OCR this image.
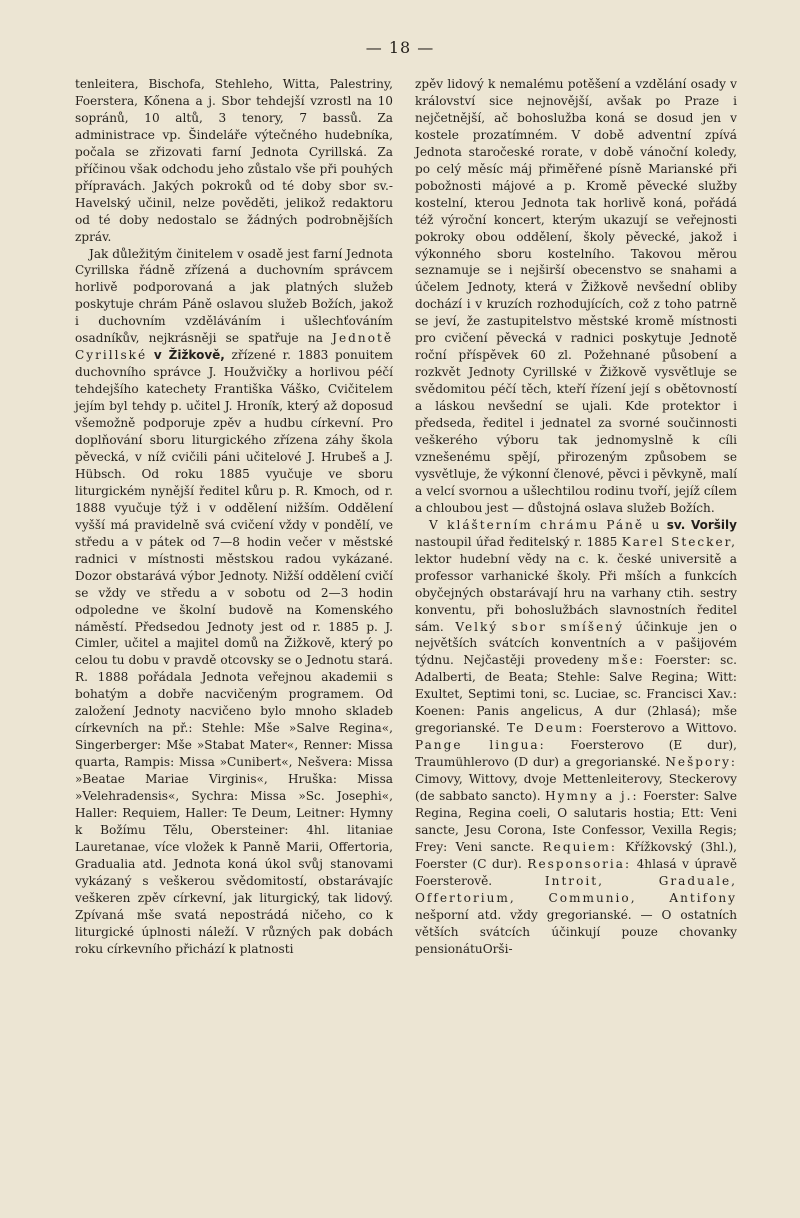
— 18 —

tenleitera, Bischofa, Stehleho, Witta, Palestriny, Foerstera, Kőnena a j. Sbor tehdejší vzrostl na 10 sopránů, 10 altů, 3 tenory, 7 bassů. Za administrace vp. Šindeláře výtečného hudebníka, počala se zřizovati farní Jednota Cyrillská. Za příčinou však odchodu jeho zůstalo vše při pouhých přípravách. Jakých pokroků od té doby sbor sv.-Havelský učinil, nelze pověděti, jelikož redaktoru od té doby nedostalo se žádných podrobnějších zpráv.

Jak důležitým činitelem v osadě jest farní Jednota Cyrillska řádně zřízená a duchovním správcem horlivě podporovaná a jak platných služeb poskytuje chrám Páně oslavou služeb Božích, jakož i duchovním vzděláváním i ušlechťováním osadníkův, nejkrásněji se spatřuje na Jednotě Cyrillské v Žižkově, zřízené r. 1883 ponuitem duchovního správce J. Houžvičky a horlivou péčí tehdejšího katechety Františka Váško, Cvičitelem jejím byl tehdy p. učitel J. Hroník, který až doposud všemožně podporuje zpěv a hudbu církevní. Pro doplňování sboru liturgického zřízena záhy škola pěvecká, v níž cvičili páni učitelové J. Hrubeš a J. Hübsch. Od roku 1885 vyučuje ve sboru liturgickém nynější ředitel kůru p. R. Kmoch, od r. 1888 vyučuje týž i v oddělení nižším. Oddělení vyšší má pravidelně svá cvičení vždy v pondělí, ve středu a v pátek od 7—8 hodin večer v městské radnici v místnosti městskou radou vykázané. Dozor obstarává výbor Jednoty. Nižší oddělení cvičí se vždy ve středu a v sobotu od 2—3 hodin odpoledne ve školní budově na Komenského náměstí. Předsedou Jednoty jest od r. 1885 p. J. Cimler, učitel a majitel domů na Žižkově, který po celou tu dobu v pravdě otcovsky se o Jednotu stará. R. 1888 pořádala Jednota veřejnou akademii s bohatým a dobře nacvičeným programem. Od založení Jednoty nacvičeno bylo mnoho skladeb církevních na př.: Stehle: Mše »Salve Regina«, Singerberger: Mše »Stabat Mater«, Renner: Missa quarta, Rampis: Missa »Cunibert«, Nešvera: Missa »Beatae Mariae Virginis«, Hruška: Missa »Velehradensis«, Sychra: Missa »Sc. Josephi«, Haller: Requiem, Haller: Te Deum, Leitner: Hymny k Božímu Tělu, Obersteiner: 4hl. litaniae Lauretanae, více vložek k Panně Marii, Offertoria, Gradualia atd. Jednota koná úkol svůj stanovami vykázaný s veškerou svědomitostí, obstarávajíc veškeren zpěv církevní, jak liturgický, tak lidový. Zpívaná mše svatá nepostrádá ničeho, co k liturgické úplnosti náleží. V různých pak dobách roku církevního přichází k platnosti

zpěv lidový k nemalému potěšení a vzdělání osady v království sice nejnovější, avšak po Praze i nejčetnější, ač bohoslužba koná se dosud jen v kostele prozatímném. V době adventní zpívá Jednota staročeské rorate, v době vánoční koledy, po celý měsíc máj přiměřené písně Marianské při pobožnosti májové a p. Kromě pěvecké služby kostelní, kterou Jednota tak horlivě koná, pořádá též výroční koncert, kterým ukazují se veřejnosti pokroky obou oddělení, školy pěvecké, jakož i výkonného sboru kostelního. Takovou měrou seznamuje se i nejširší obecenstvo se snahami a účelem Jednoty, která v Žižkově nevšední obliby dochází i v kruzích rozhodujících, což z toho patrně se jeví, že zastupitelstvo městské kromě místnosti pro cvičení pěvecká v radnici poskytuje Jednotě roční příspěvek 60 zl. Požehnané působení a rozkvět Jednoty Cyrillské v Žižkově vysvětluje se svědomitou péčí těch, kteří řízení její s obětovností a láskou nevšední se ujali. Kde protektor i předseda, ředitel i jednatel za svorné součinnosti veškerého výboru tak jednomyslně k cíli vznešenému spějí, přirozeným způsobem se vysvětluje, že výkonní členové, pěvci i pěvkyně, malí a velcí svornou a ušlechtilou rodinu tvoří, jejíž cílem a chloubou jest — důstojná oslava služeb Božích.

V klášterním chrámu Páně u sv. Voršily nastoupil úřad ředitelský r. 1885 Karel Stecker, lektor hudební vědy na c. k. české universitě a professor varhanické školy. Při mších a funkcích obyčejných obstarávají hru na varhany ctih. sestry konventu, při bohoslužbách slavnostních ředitel sám. Velký sbor smíšený účinkuje jen o největších svátcích konventních a v pašijovém týdnu. Nejčastěji provedeny mše: Foerster: sc. Adalberti, de Beata; Stehle: Salve Regina; Witt: Exultet, Septimi toni, sc. Luciae, sc. Francisci Xav.: Koenen: Panis angelicus, A dur (2hlasá); mše gregorianské. Te Deum: Foersterovo a Wittovo. Pange lingua: Foersterovo (E dur), Traumühlerovo (D dur) a gregorianské. Nešpory: Cimovy, Wittovy, dvoje Mettenleiterovy, Steckerovy (de sabbato sancto). Hymny a j.: Foerster: Salve Regina, Regina coeli, O salutaris hostia; Ett: Veni sancte, Jesu Corona, Iste Confessor, Vexilla Regis; Frey: Veni sancte. Requiem: Křížkovský (3hl.), Foerster (C dur). Responsoria: 4hlasá v úpravě Foersterově.	Introit, Graduale, Offertorium, Communio, Antifony nešporní atd. vždy gregorianské. — O ostatních větších svátcích účinkují pouze chovanky pensionátuOrši-
